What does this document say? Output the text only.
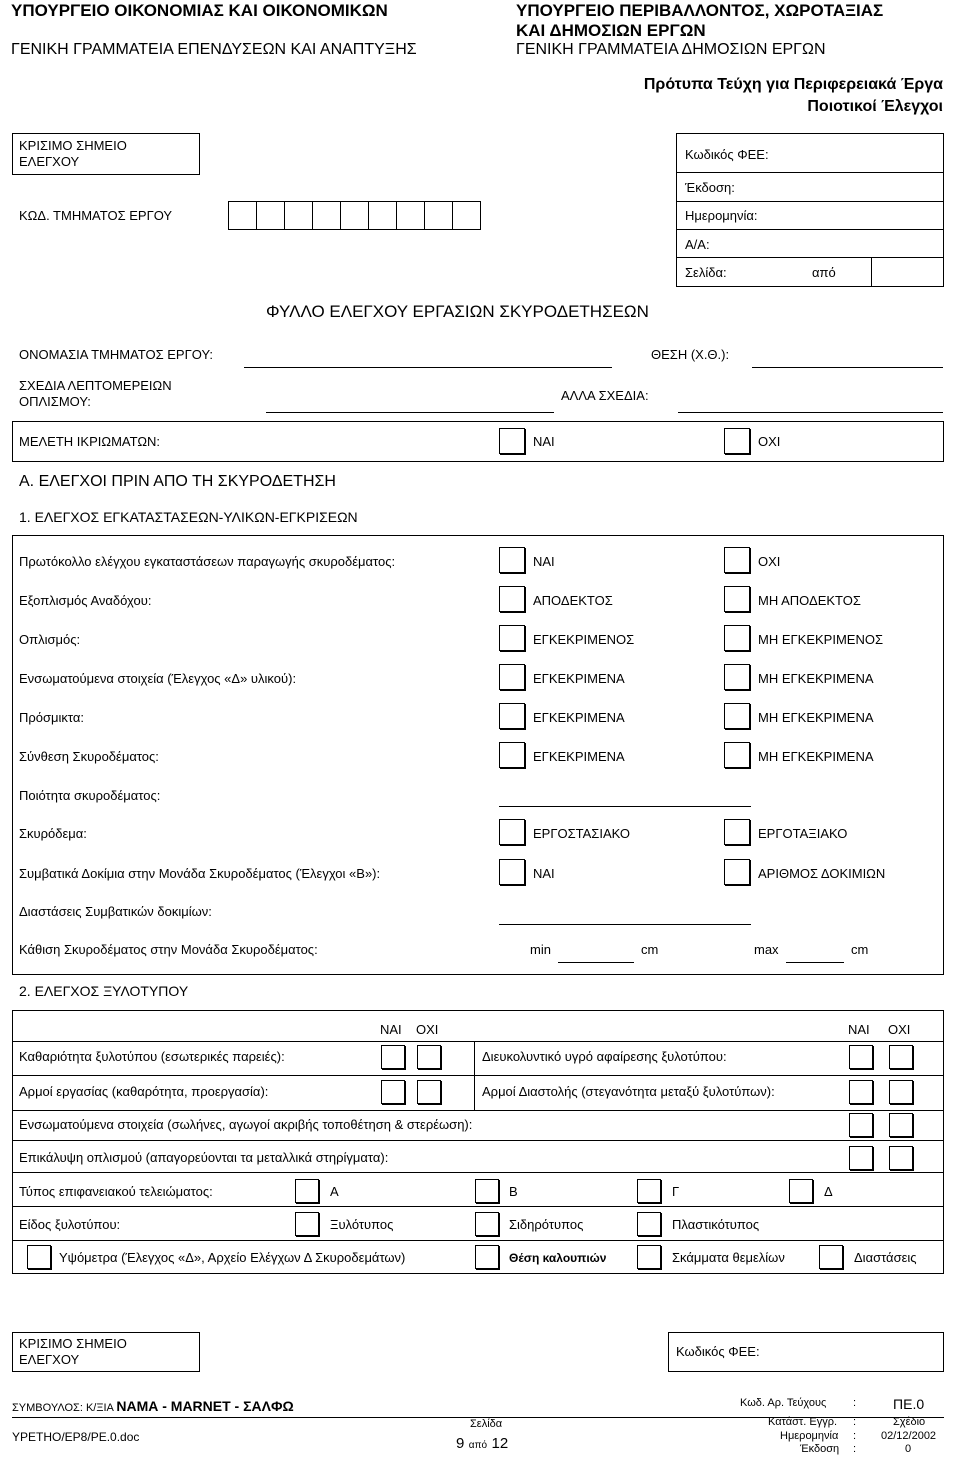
ΥΠΟΥΡΓΕΙΟ ΟΙΚΟΝΟΜΙΑΣ ΚΑΙ ΟΙΚΟΝΟΜΙΚΩΝ
ΓΕΝΙΚΗ ΓΡΑΜΜΑΤΕΙΑ ΕΠΕΝΔΥΣΕΩΝ ΚΑΙ ΑΝΑΠΤΥΞΗΣ
ΥΠΟΥΡΓΕΙΟ ΠΕΡΙΒΑΛΛΟΝΤΟΣ, ΧΩΡΟΤΑΞΙΑΣ
ΚΑΙ ΔΗΜΟΣΙΩΝ ΕΡΓΩΝ
ΓΕΝΙΚΗ ΓΡΑΜΜΑΤΕΙΑ ΔΗΜΟΣΙΩΝ ΕΡΓΩΝ
Πρότυπα Τεύχη για Περιφερειακά Έργα
Ποιοτικοί Έλεγχοι
ΚΡΙΣΙΜΟ ΣΗΜΕΙΟ
ΕΛΕΓΧΟΥ
ΚΩΔ. ΤΜΗΜΑΤΟΣ ΕΡΓΟΥ
Κωδικός ΦΕΕ:
Έκδοση:
Ημερομηνία:
Α/Α:
Σελίδα:	από
ΦΥΛΛΟ ΕΛΕΓΧΟΥ ΕΡΓΑΣΙΩΝ ΣΚΥΡΟΔΕΤΗΣΕΩΝ
ΟΝΟΜΑΣΙΑ ΤΜΗΜΑΤΟΣ ΕΡΓΟΥ:	ΘΕΣΗ (Χ.Θ.):
ΣΧΕΔΙΑ ΛΕΠΤΟΜΕΡΕΙΩΝ
ΟΠΛΙΣΜΟΥ:	ΑΛΛΑ ΣΧΕΔΙΑ:
ΜΕΛΕΤΗ ΙΚΡΙΩΜΑΤΩΝ:	ΝΑΙ	ΟΧΙ
Α. ΕΛΕΓΧΟΙ ΠΡΙΝ ΑΠΟ ΤΗ ΣΚΥΡΟΔΕΤΗΣΗ
1. ΕΛΕΓΧΟΣ ΕΓΚΑΤΑΣΤΑΣΕΩΝ-ΥΛΙΚΩΝ-ΕΓΚΡΙΣΕΩΝ
Πρωτόκολλο ελέγχου εγκαταστάσεων παραγωγής σκυροδέματος:	ΝΑΙ	ΟΧΙ
Εξοπλισμός Αναδόχου:	ΑΠΟΔΕΚΤΟΣ	ΜΗ ΑΠΟΔΕΚΤΟΣ
Οπλισμός:	ΕΓΚΕΚΡΙΜΕΝΟΣ	ΜΗ ΕΓΚΕΚΡΙΜΕΝΟΣ
Ενσωματούμενα στοιχεία (Έλεγχος «Δ» υλικού):	ΕΓΚΕΚΡΙΜΕΝΑ	ΜΗ ΕΓΚΕΚΡΙΜΕΝΑ
Πρόσμικτα:	ΕΓΚΕΚΡΙΜΕΝΑ	ΜΗ ΕΓΚΕΚΡΙΜΕΝΑ
Σύνθεση Σκυροδέματος:	ΕΓΚΕΚΡΙΜΕΝΑ	ΜΗ ΕΓΚΕΚΡΙΜΕΝΑ
Ποιότητα σκυροδέματος:
Σκυρόδεμα:	ΕΡΓΟΣΤΑΣΙΑΚΟ	ΕΡΓΟΤΑΞΙΑΚΟ
Συμβατικά Δοκίμια στην Μονάδα Σκυροδέματος (Έλεγχοι «Β»):	ΝΑΙ	ΑΡΙΘΜΟΣ ΔΟΚΙΜΙΩΝ
Διαστάσεις Συμβατικών δοκιμίων:
Κάθιση Σκυροδέματος στην Μονάδα Σκυροδέματος:	min	cm	max	cm
2. ΕΛΕΓΧΟΣ ΞΥΛΟΤΥΠΟΥ
ΝΑΙ ΟΧΙ	ΝΑΙ ΟΧΙ
Καθαριότητα ξυλοτύπου (εσωτερικές παρειές):	Διευκολυντικό υγρό αφαίρεσης ξυλοτύπου:
Αρμοί εργασίας (καθαρότητα, προεργασία):	Αρμοί Διαστολής (στεγανότητα μεταξύ ξυλοτύπων):
Ενσωματούμενα στοιχεία (σωλήνες, αγωγοί ακριβής τοποθέτηση & στερέωση):
Επικάλυψη οπλισμού (απαγορεύονται τα μεταλλικά στηρίγματα):
Τύπος επιφανειακού τελειώματος:	Α	Β	Γ	Δ
Είδος ξυλοτύπου:	Ξυλότυπος	Σιδηρότυπος	Πλαστικότυπος
Υψόμετρα (Έλεγχος «Δ», Αρχείο Ελέγχων Δ Σκυροδεμάτων)	Θέση καλουπιών	Σκάμματα θεμελίων	Διαστάσεις
ΚΡΙΣΙΜΟ ΣΗΜΕΙΟ
ΕΛΕΓΧΟΥ
Κωδικός ΦΕΕ:
ΣΥΜΒΟΥΛΟΣ: Κ/ΞΙΑ ΝΑΜΑ - MARNET - ΣΑΛΦΩ
ΥΡΕΤΗΟ/ΕΡ8/ΡΕ.0.doc
Σελίδα
9 από 12
Κωδ. Αρ. Τεύχους :	ΠΕ.0
Κατάστ. Εγγρ. :	Σχέδιο
Ημερομηνία : 02/12/2002
Έκδοση :	0
